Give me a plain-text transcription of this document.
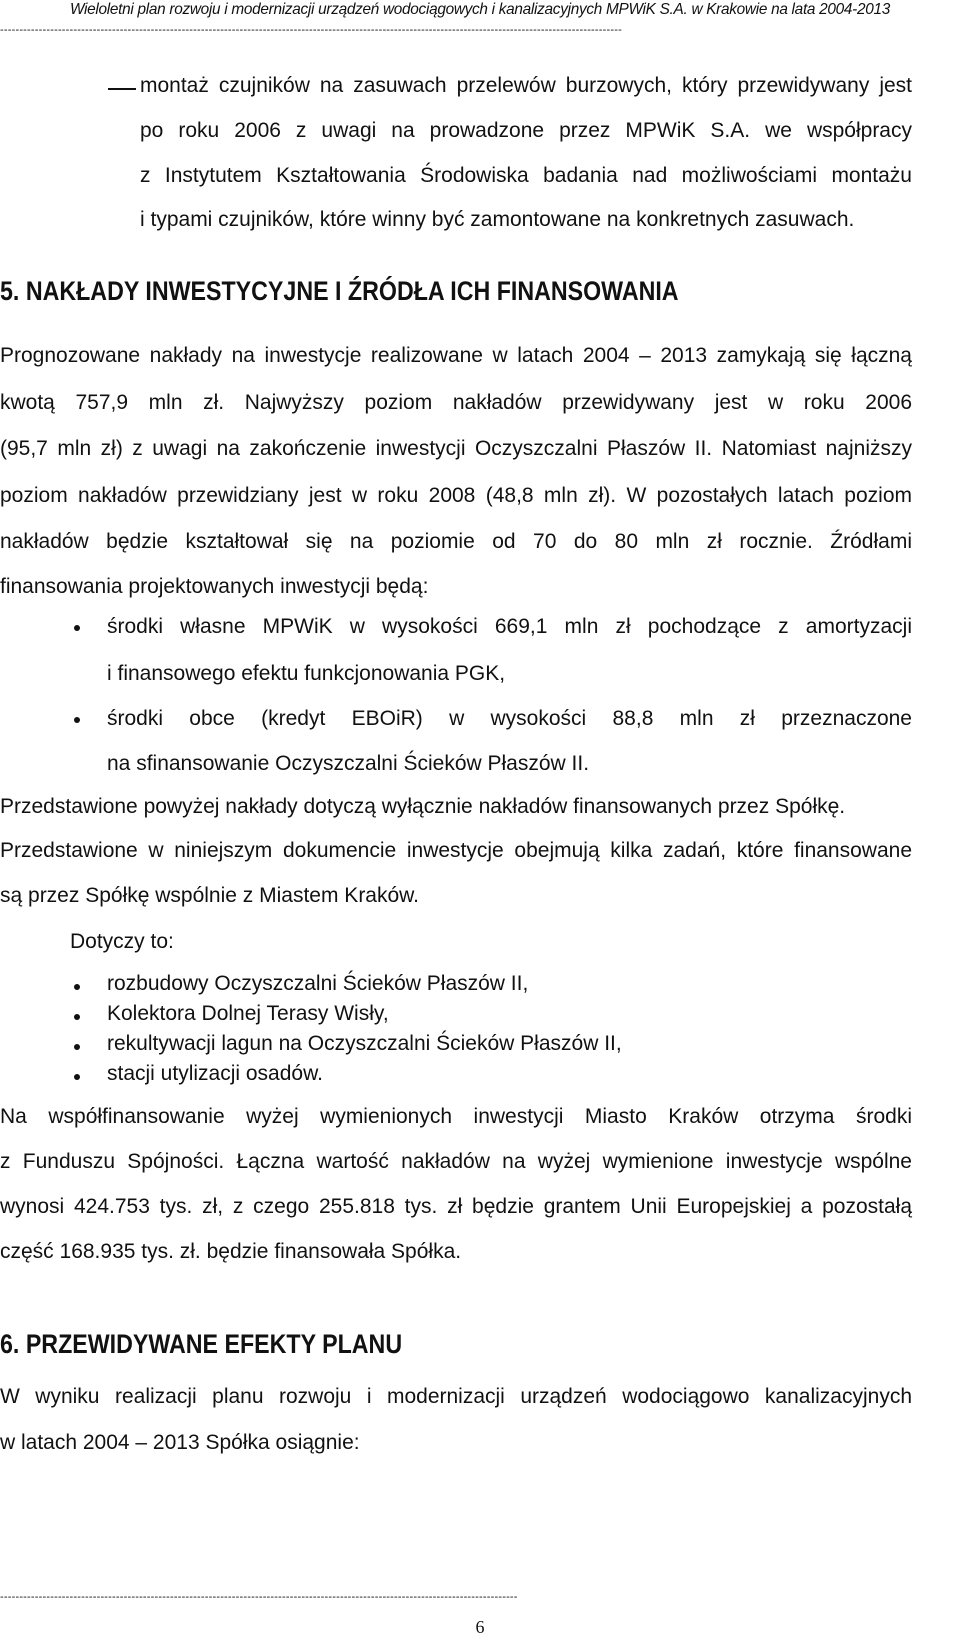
Wieloletni plan rozwoju i modernizacji urządzeń wodociągowych i kanalizacyjnych MPWiK S.A. w Krakowie na lata 2004-2013
-----------------------------------------------------------------------------------------------------------------------------------------------------------------
montaż czujników na zasuwach przelewów burzowych, który przewidywany jest
po roku 2006 z uwagi na prowadzone przez MPWiK S.A. we współpracy
z Instytutem Kształtowania Środowiska badania nad możliwościami montażu
i typami czujników, które winny być zamontowane na konkretnych zasuwach.
5. NAKŁADY INWESTYCYJNE I ŹRÓDŁA ICH FINANSOWANIA
Prognozowane nakłady na inwestycje realizowane w latach 2004 – 2013 zamykają się łączną
kwotą 757,9 mln zł. Najwyższy poziom nakładów przewidywany jest w roku 2006
(95,7 mln zł) z uwagi na zakończenie inwestycji Oczyszczalni Płaszów II. Natomiast najniższy
poziom nakładów przewidziany jest w roku 2008 (48,8 mln zł). W pozostałych latach poziom
nakładów będzie kształtował się na poziomie od 70 do 80 mln zł rocznie. Źródłami
finansowania projektowanych inwestycji będą:
środki własne MPWiK w wysokości 669,1 mln zł pochodzące z amortyzacji
i finansowego efektu funkcjonowania PGK,
środki obce (kredyt EBOiR) w wysokości 88,8 mln zł przeznaczone
na sfinansowanie Oczyszczalni Ścieków Płaszów II.
Przedstawione powyżej nakłady dotyczą wyłącznie nakładów finansowanych przez Spółkę.
Przedstawione w niniejszym dokumencie inwestycje obejmują kilka zadań, które finansowane
są przez Spółkę wspólnie z Miastem Kraków.
Dotyczy to:
rozbudowy Oczyszczalni Ścieków Płaszów II,
Kolektora Dolnej Terasy Wisły,
rekultywacji lagun na Oczyszczalni Ścieków Płaszów II,
stacji utylizacji osadów.
Na współfinansowanie wyżej wymienionych inwestycji Miasto Kraków otrzyma środki
z Funduszu Spójności. Łączna wartość nakładów na wyżej wymienione inwestycje wspólne
wynosi 424.753 tys. zł, z czego 255.818 tys. zł będzie grantem Unii Europejskiej a pozostałą
część 168.935 tys. zł. będzie finansowała Spółka.
6. PRZEWIDYWANE EFEKTY PLANU
W wyniku realizacji planu rozwoju i modernizacji urządzeń wodociągowo kanalizacyjnych
w latach 2004 – 2013 Spółka osiągnie:
--------------------------------------------------------------------------------------------------------------------------------------
6
